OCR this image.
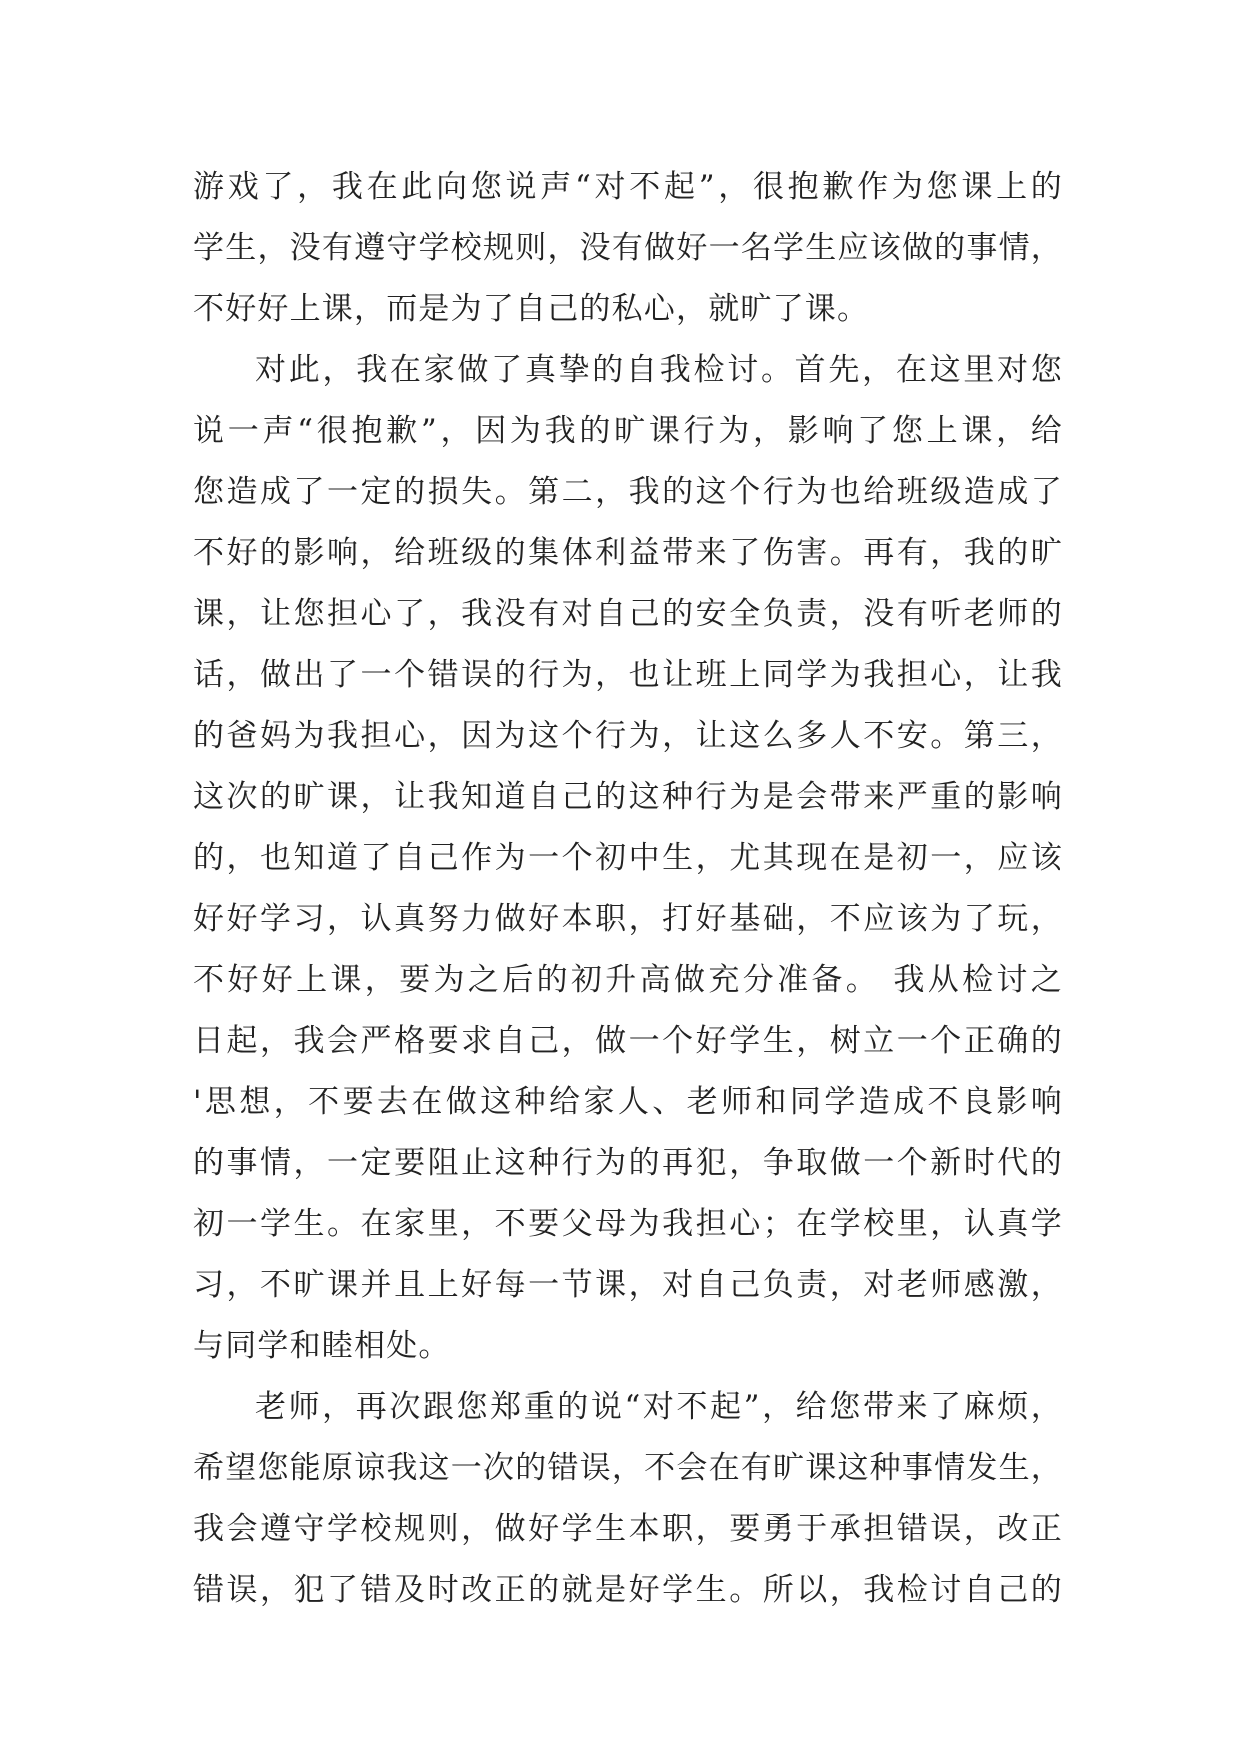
游戏了，我在此向您说声“对不起”，很抱歉作为您课上的
学生，没有遵守学校规则，没有做好一名学生应该做的事情，
不好好上课，而是为了自己的私心，就旷了课。
对此，我在家做了真挚的自我检讨。首先，在这里对您
说一声“很抱歉”，因为我的旷课行为，影响了您上课，给
您造成了一定的损失。第二，我的这个行为也给班级造成了
不好的影响，给班级的集体利益带来了伤害。再有，我的旷
课，让您担心了，我没有对自己的安全负责，没有听老师的
话，做出了一个错误的行为，也让班上同学为我担心，让我
的爸妈为我担心，因为这个行为，让这么多人不安。第三，
这次的旷课，让我知道自己的这种行为是会带来严重的影响
的，也知道了自己作为一个初中生，尤其现在是初一，应该
好好学习，认真努力做好本职，打好基础，不应该为了玩，
不好好上课，要为之后的初升高做充分准备。 我从检讨之
日起，我会严格要求自己，做一个好学生，树立一个正确的
'思想，不要去在做这种给家人、老师和同学造成不良影响
的事情，一定要阻止这种行为的再犯，争取做一个新时代的
初一学生。在家里，不要父母为我担心；在学校里，认真学
习，不旷课并且上好每一节课，对自己负责，对老师感激，
与同学和睦相处。
老师，再次跟您郑重的说“对不起”，给您带来了麻烦，
希望您能原谅我这一次的错误，不会在有旷课这种事情发生，
我会遵守学校规则，做好学生本职，要勇于承担错误，改正
错误，犯了错及时改正的就是好学生。所以，我检讨自己的
